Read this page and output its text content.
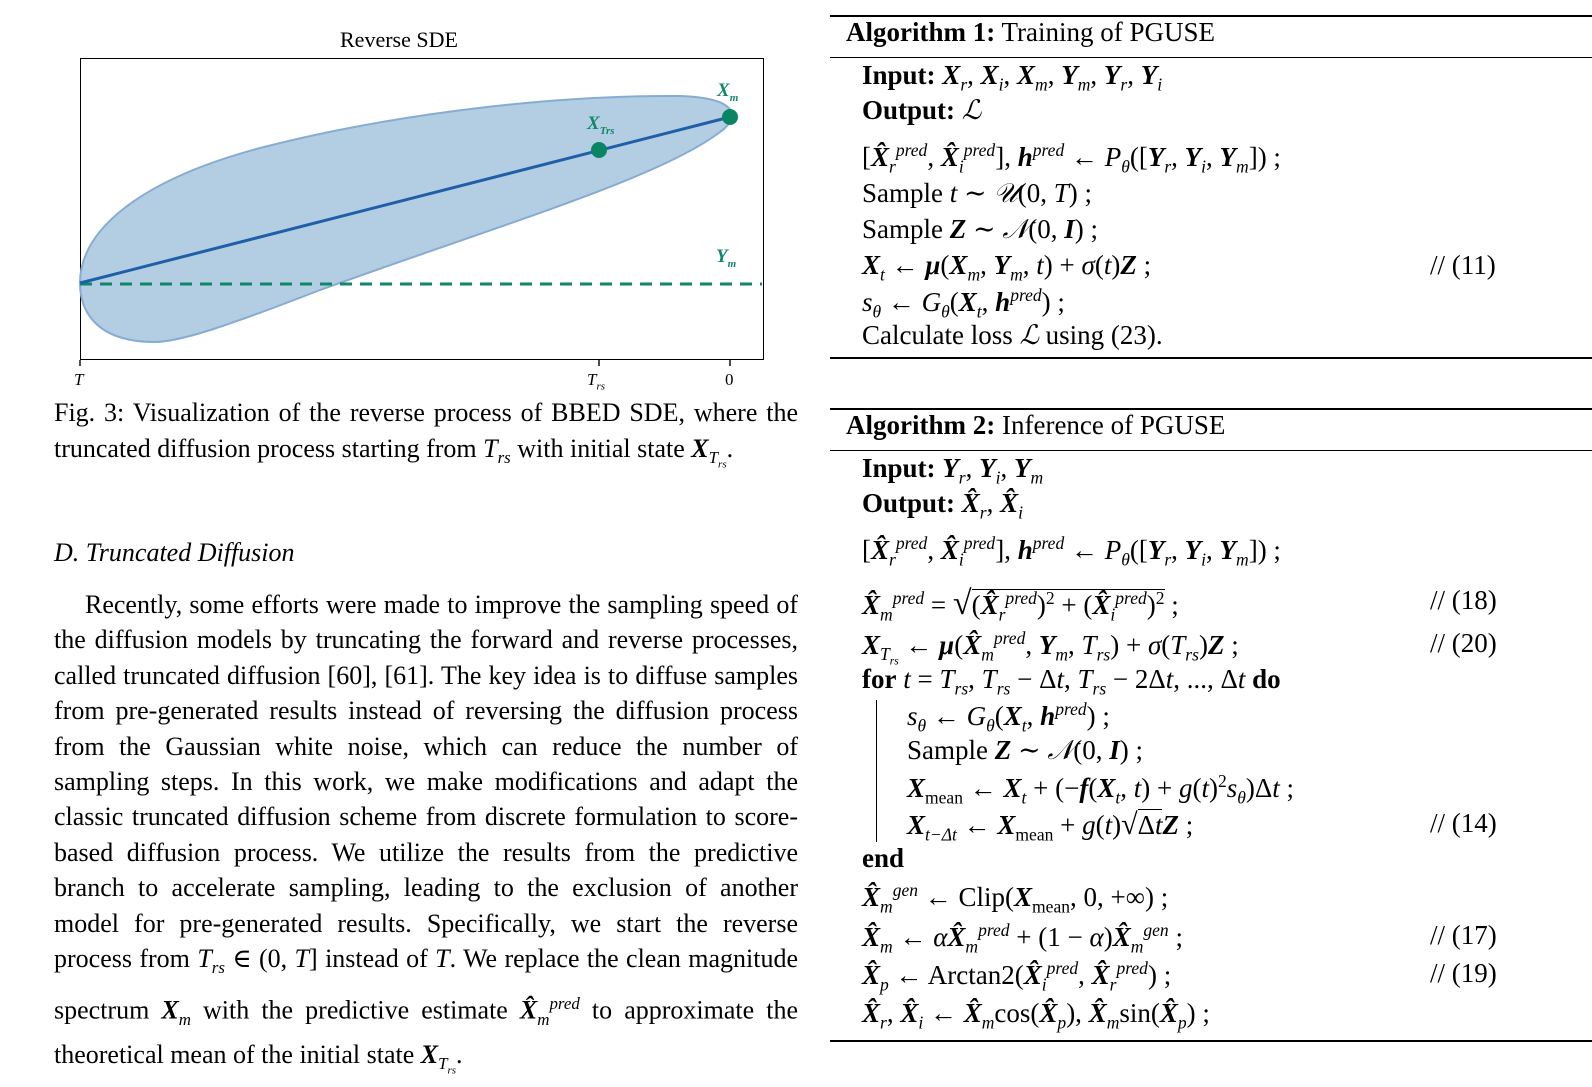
Reverse SDE
$X_m$
$X_{Trs}$
$Y_m$
T	$T_{rs}$	0
Fig. 3: Visualization of the reverse process of BBED SDE, where the truncated diffusion process starting from $T_{rs}$ with initial state $X_{T_{rs}}$.
D. Truncated Diffusion
Recently, some efforts were made to improve the sampling speed of the diffusion models by truncating the forward and reverse processes, called truncated diffusion [60], [61]. The key idea is to diffuse samples from pre-generated results instead of reversing the diffusion process from the Gaussian white noise, which can reduce the number of sampling steps. In this work, we make modifications and adapt the classic truncated diffusion scheme from discrete formulation to score-based diffusion process. We utilize the results from the predictive branch to accelerate sampling, leading to the exclusion of another model for pre-generated results. Specifically, we start the reverse process from $T_{rs}$ ∈ (0, T] instead of T. We replace the clean magnitude spectrum $X_m$ with the predictive estimate $X̂_m^{pred}$ to approximate the theoretical mean of the initial state $X_{T_{rs}}$.
Algorithm 1: Training of PGUSE
Input: $X_r$, $X_i$, $X_m$, $Y_m$, $Y_r$, $Y_i$
Output: ℒ
[$X̂_r^{pred}$, $X̂_i^{pred}$], $h^{pred}$ ← $P_\theta([Y_r$, $Y_i$, $Y_m$]) ;
Sample t ∼ 𝒰(0, T) ;
Sample Z ∼ 𝒩(0, I) ;
$X_t$ ← $\mu(X_m$, $Y_m$, t) + σ(t)Z ;	// (11)
$s_\theta$ ← $G_\theta(X_t$, $h^{pred}$) ;
Calculate loss ℒ using (23).
Algorithm 2: Inference of PGUSE
Input: $Y_r$, $Y_i$, $Y_m$
Output: $X̂_r$, $X̂_i$
[$X̂_r^{pred}$, $X̂_i^{pred}$], $h^{pred}$ ← $P_\theta([Y_r$, $Y_i$, $Y_m$]) ;
$X̂_m^{pred}$ = $√(X̂_r^{pred})^2$ + $(X̂_i^{pred})^2$ ;	// (18)
$X_{T_{rs}}$ ← $\mu(X̂_m^{pred}$, $Y_m$, $T_{rs}) + \sigma(T_{rs})Z$ ;	// (20)
for $t = T_{rs}$, $T_{rs} - \Delta t$, $T_{rs} - 2\Delta t$, ..., Δt do
$s_\theta$ ← $G_\theta(X_t$, $h^{pred}$) ;
Sample Z ∼ 𝒩(0, I) ;
$X_{mean}$ ← $X_t + (-f(X_t$, $t) + g(t)^2s_\theta)\Delta t$ ;
$X_{t-\Delta t}$ ← $X_{mean} + g(t)√\Delta tZ$ ;	// (14)
end
$X̂_m^{gen}$ ← $Clip(X_{mean}$, 0, +∞) ;
$X̂_m$ ← $\alpha X̂_m^{pred} + (1$ − $\alpha)X̂_m^{gen}$ ;	// (17)
$X̂_p$ ← $Arctan2(X̂_i^{pred}$, $X̂_r^{pred}$) ;	// (19)
$X̂_r$, $X̂_i$ ← $X̂_m\cos(X̂_p)$, $X̂_m\sin(X̂_p)$ ;
